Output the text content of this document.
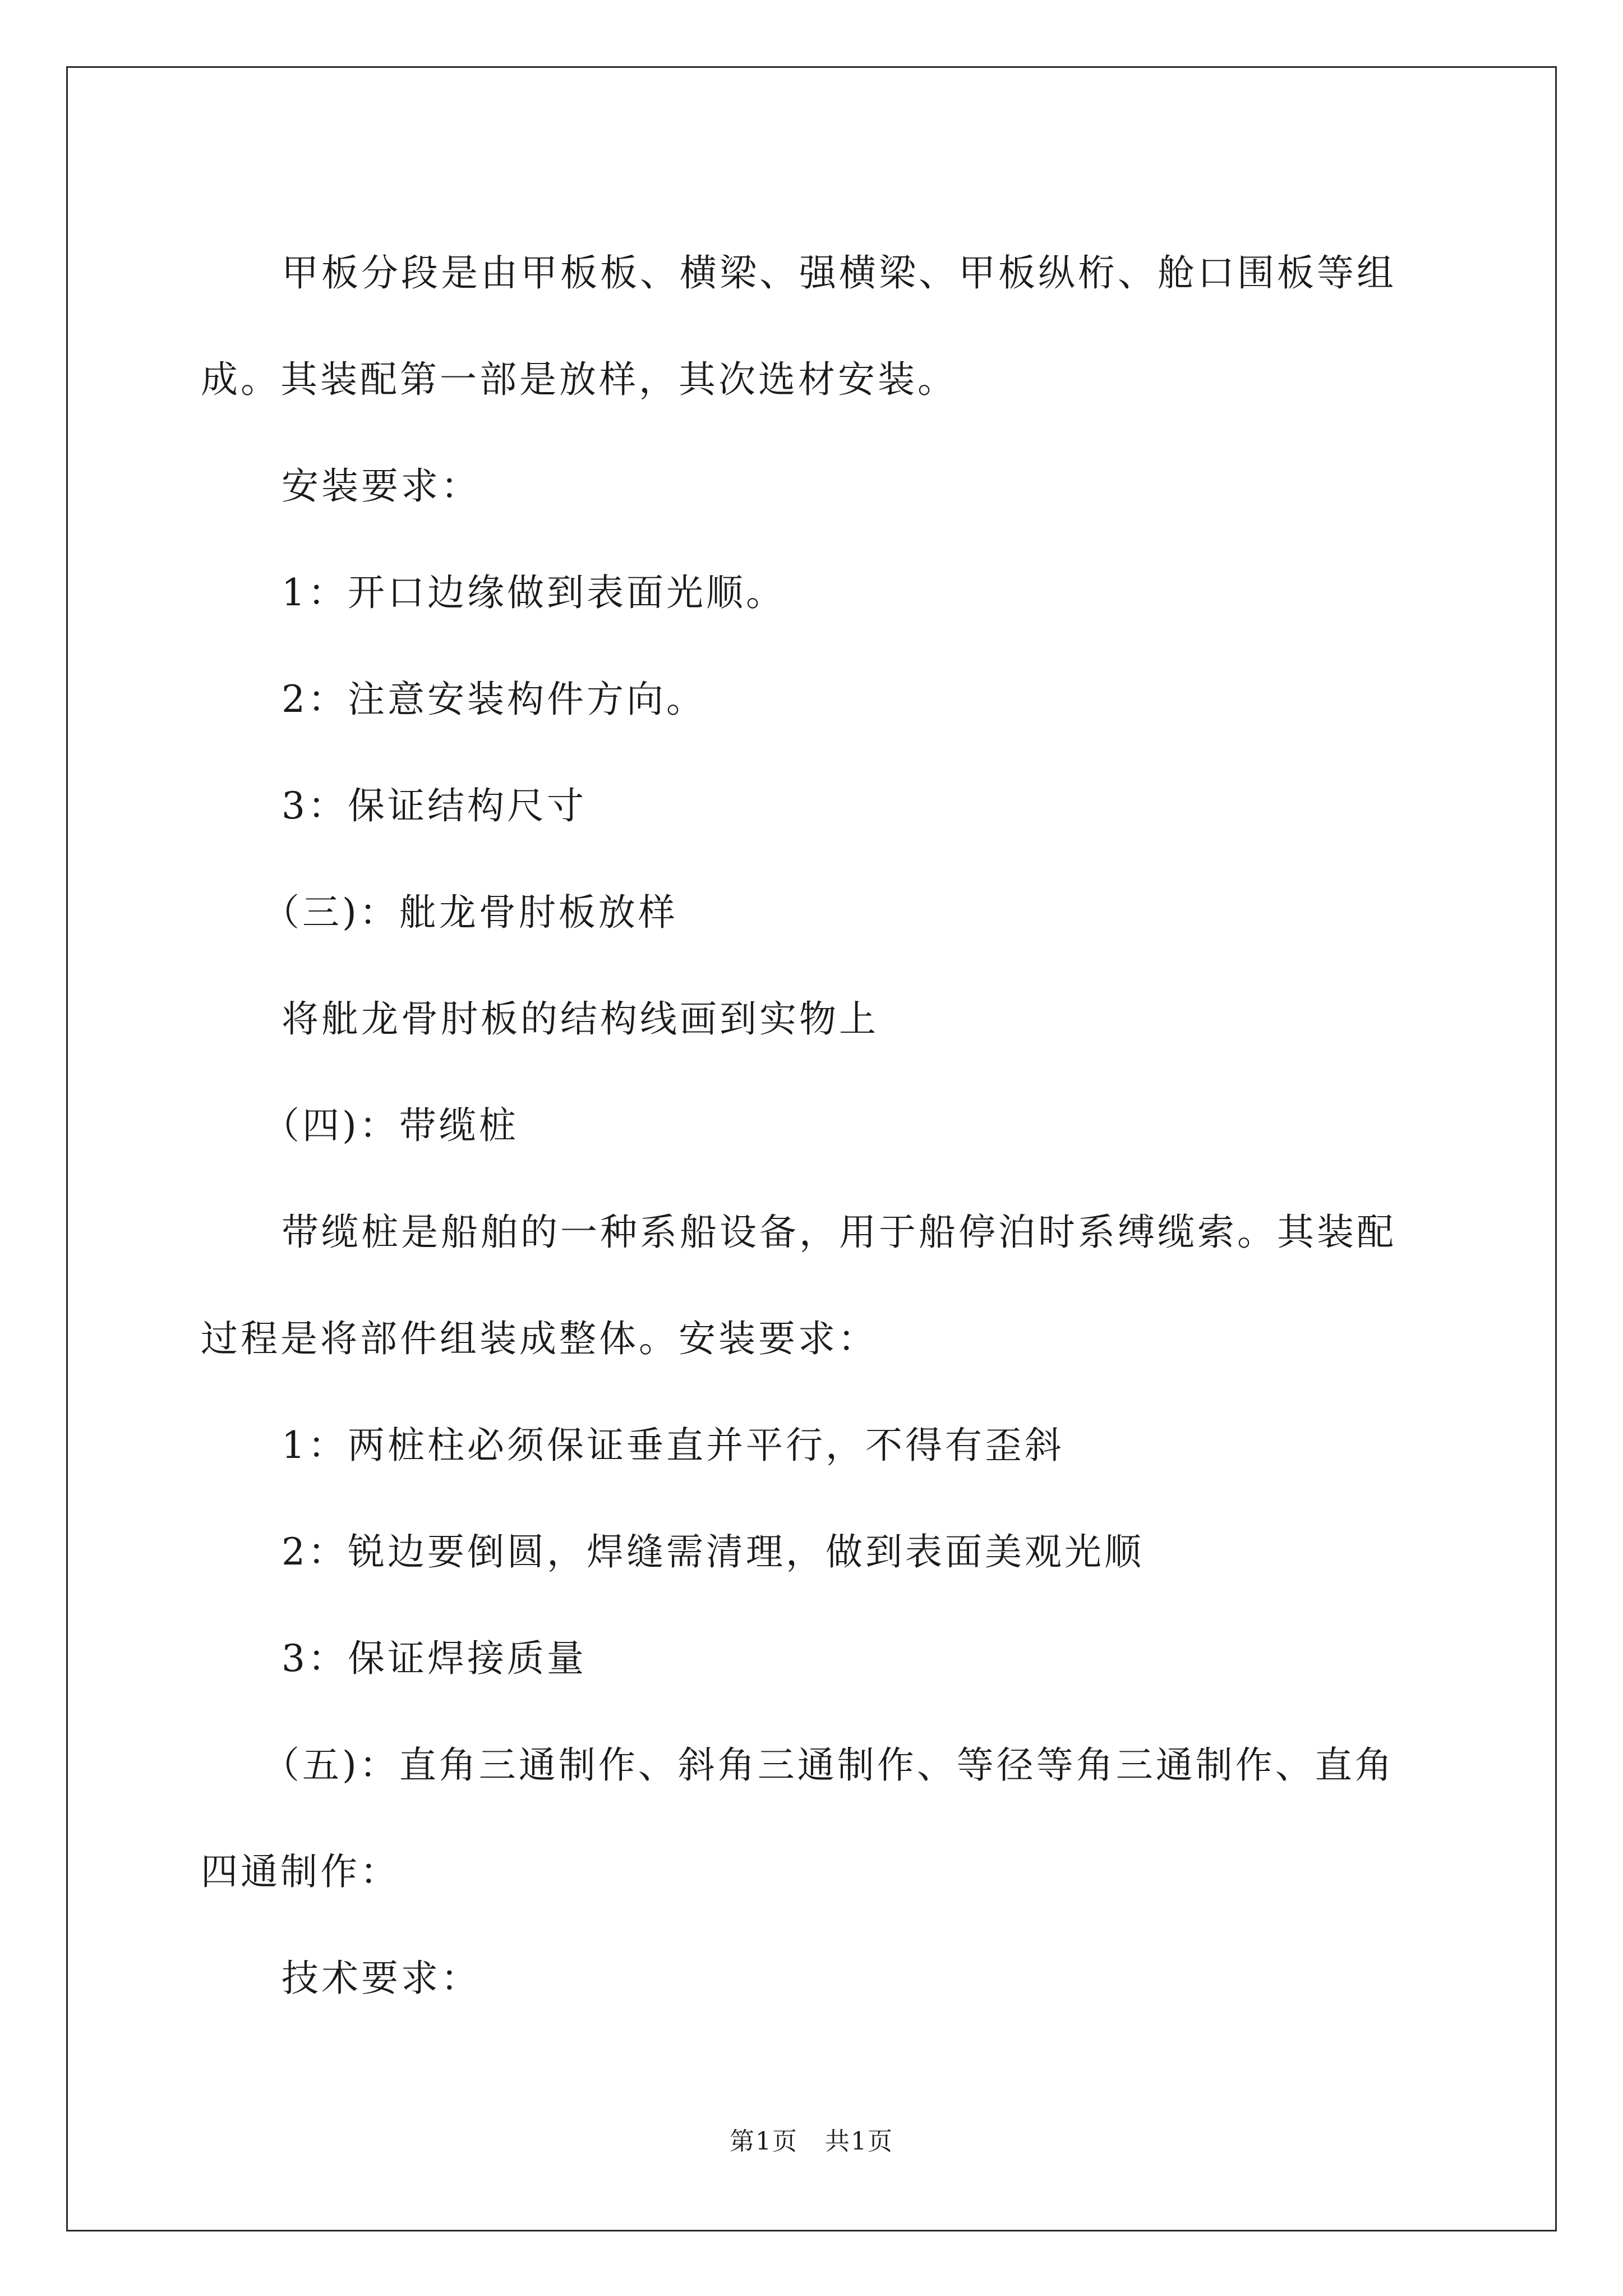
甲板分段是由甲板板、横梁、强横梁、甲板纵桁、舱口围板等组

成。其装配第一部是放样，其次选材安装。

安装要求：

1：开口边缘做到表面光顺。

2：注意安装构件方向。

3：保证结构尺寸

（三)：舭龙骨肘板放样

将舭龙骨肘板的结构线画到实物上

（四)：带缆桩

带缆桩是船舶的一种系船设备，用于船停泊时系缚缆索。其装配

过程是将部件组装成整体。安装要求：

1：两桩柱必须保证垂直并平行，不得有歪斜

2：锐边要倒圆，焊缝需清理，做到表面美观光顺

3：保证焊接质量

（五)：直角三通制作、斜角三通制作、等径等角三通制作、直角

四通制作：

技术要求：

第1页 共1页
